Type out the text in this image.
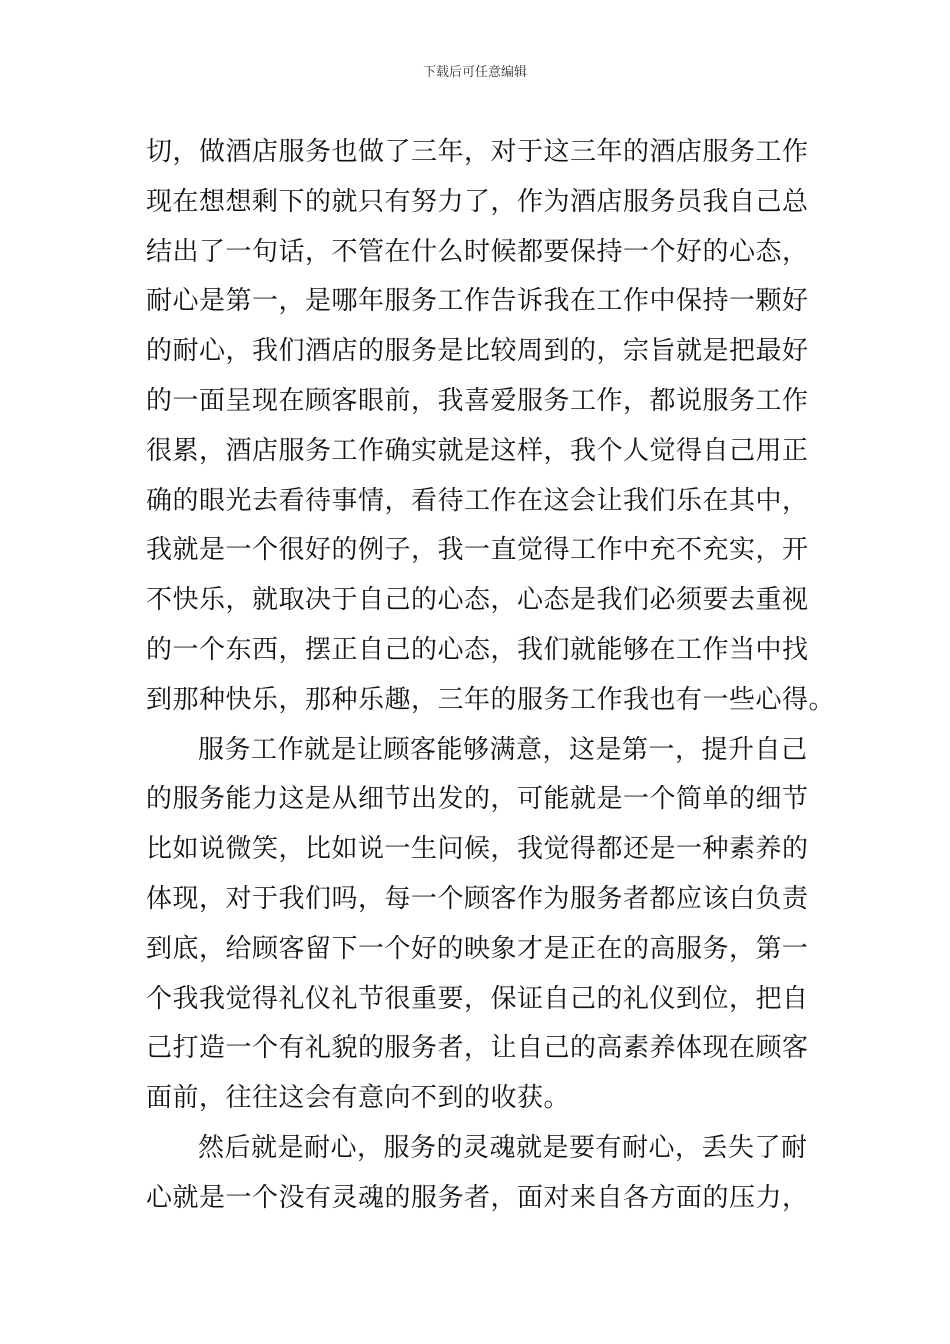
下载后可任意编辑
切，做酒店服务也做了三年，对于这三年的酒店服务工作
现在想想剩下的就只有努力了，作为酒店服务员我自己总
结出了一句话，不管在什么时候都要保持一个好的心态，
耐心是第一，是哪年服务工作告诉我在工作中保持一颗好
的耐心，我们酒店的服务是比较周到的，宗旨就是把最好
的一面呈现在顾客眼前，我喜爱服务工作，都说服务工作
很累，酒店服务工作确实就是这样，我个人觉得自己用正
确的眼光去看待事情，看待工作在这会让我们乐在其中，
我就是一个很好的例子，我一直觉得工作中充不充实，开
不快乐，就取决于自己的心态，心态是我们必须要去重视
的一个东西，摆正自己的心态，我们就能够在工作当中找
到那种快乐，那种乐趣，三年的服务工作我也有一些心得。
服务工作就是让顾客能够满意，这是第一，提升自己
的服务能力这是从细节出发的，可能就是一个简单的细节
比如说微笑，比如说一生问候，我觉得都还是一种素养的
体现，对于我们吗，每一个顾客作为服务者都应该白负责
到底，给顾客留下一个好的映象才是正在的高服务，第一
个我我觉得礼仪礼节很重要，保证自己的礼仪到位，把自
己打造一个有礼貌的服务者，让自己的高素养体现在顾客
面前，往往这会有意向不到的收获。
然后就是耐心，服务的灵魂就是要有耐心，丢失了耐
心就是一个没有灵魂的服务者，面对来自各方面的压力，
